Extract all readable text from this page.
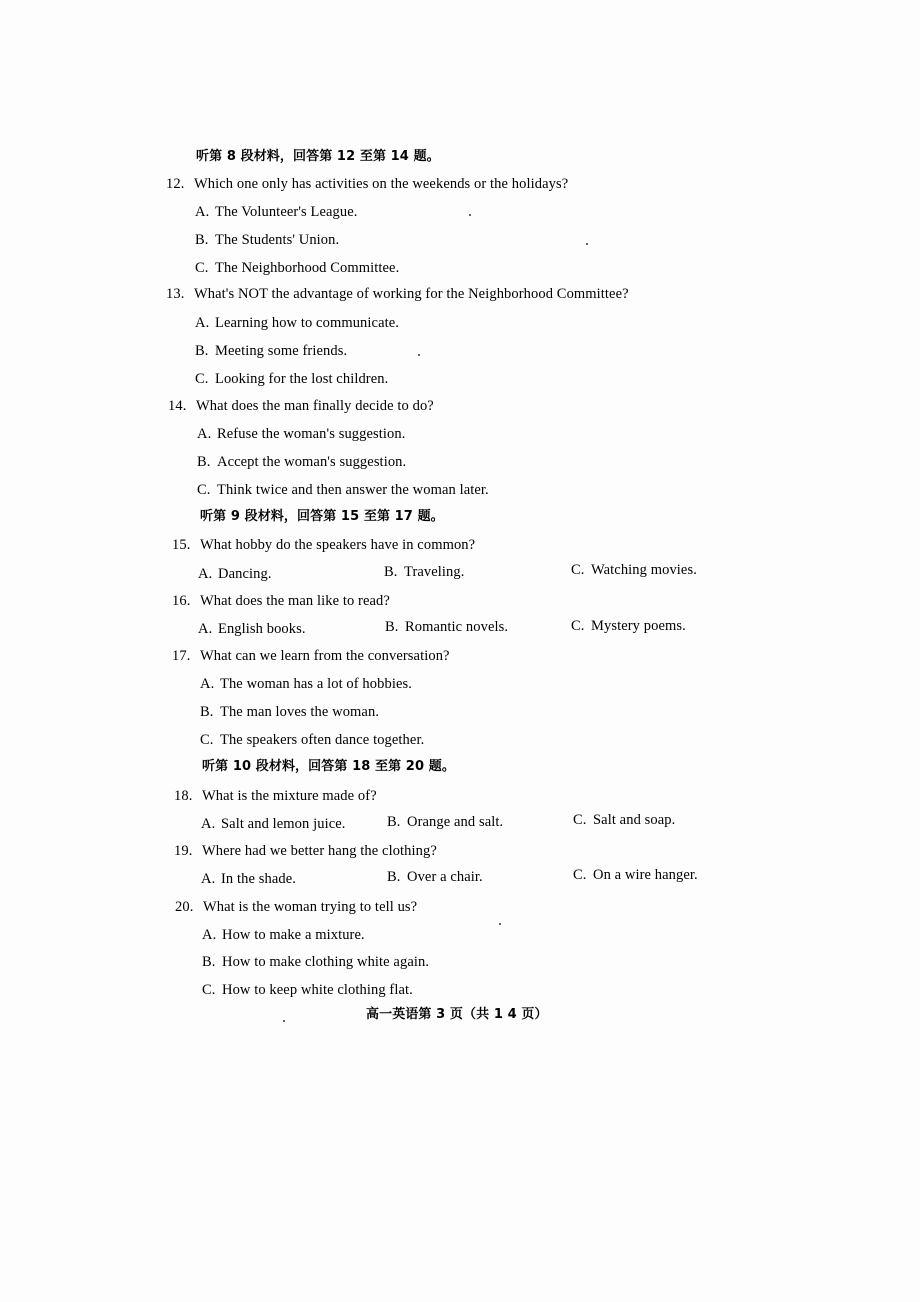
听第 8 段材料，回答第 12 至第 14 题。
12. Which one only has activities on the weekends or the holidays?
A. The Volunteer's League.
B. The Students' Union.
C. The Neighborhood Committee.
13. What's NOT the advantage of working for the Neighborhood Committee?
A. Learning how to communicate.
B. Meeting some friends.
C. Looking for the lost children.
14. What does the man finally decide to do?
A. Refuse the woman's suggestion.
B. Accept the woman's suggestion.
C. Think twice and then answer the woman later.
听第 9 段材料，回答第 15 至第 17 题。
15. What hobby do the speakers have in common?
A. Dancing.	B. Traveling.	C. Watching movies.
16. What does the man like to read?
A. English books.	B. Romantic novels.	C. Mystery poems.
17. What can we learn from the conversation?
A. The woman has a lot of hobbies.
B. The man loves the woman.
C. The speakers often dance together.
听第 10 段材料，回答第 18 至第 20 题。
18. What is the mixture made of?
A. Salt and lemon juice.	B. Orange and salt.	C. Salt and soap.
19. Where had we better hang the clothing?
A. In the shade.	B. Over a chair.	C. On a wire hanger.
20. What is the woman trying to tell us?
A. How to make a mixture.
B. How to make clothing white again.
C. How to keep white clothing flat.
高一英语第 3 页（共 1 4 页）
